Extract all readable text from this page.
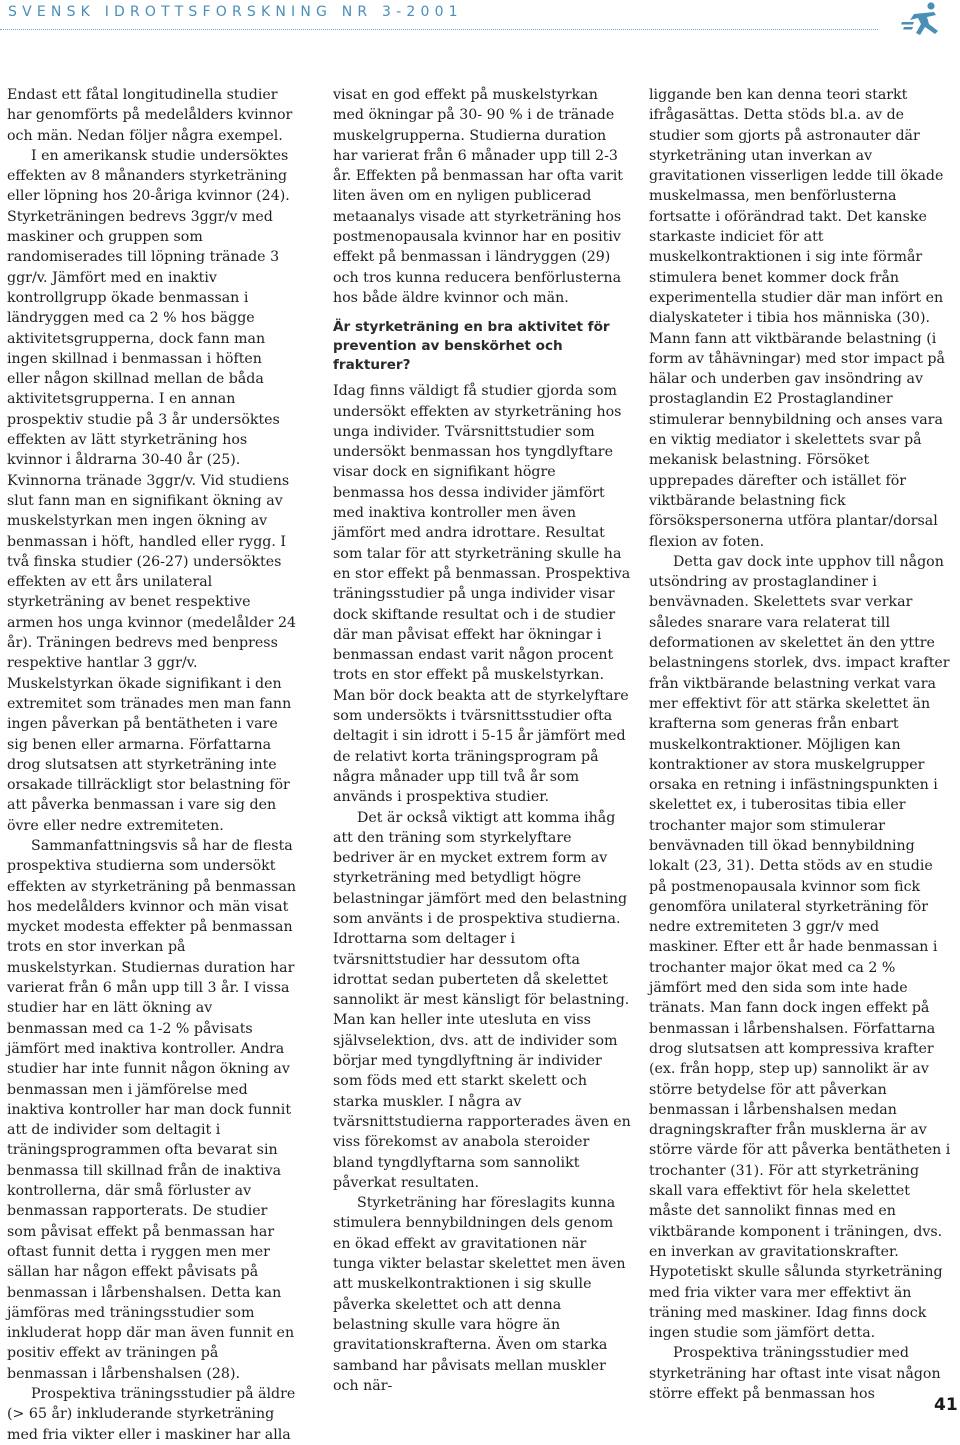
SVENSK IDROTTSFORSKNING NR 3-2001

Endast ett fåtal longitudinella studier har genomförts på medelålders kvinnor och män. Nedan följer några exempel.

I en amerikansk studie undersöktes effekten av 8 månanders styrketräning eller löpning hos 20-åriga kvinnor (24). Styrketräningen bedrevs 3ggr/v med maskiner och gruppen som randomiserades till löpning tränade 3 ggr/v. Jämfört med en inaktiv kontrollgrupp ökade benmassan i ländryggen med ca 2 % hos bägge aktivitetsgrupperna, dock fann man ingen skillnad i benmassan i höften eller någon skillnad mellan de båda aktivitetsgrupperna. I en annan prospektiv studie på 3 år undersöktes effekten av lätt styrketräning hos kvinnor i åldrarna 30-40 år (25). Kvinnorna tränade 3ggr/v. Vid studiens slut fann man en signifikant ökning av muskelstyrkan men ingen ökning av benmassan i höft, handled eller rygg. I två finska studier (26-27) undersöktes effekten av ett års unilateral styrketräning av benet respektive armen hos unga kvinnor (medelålder 24 år). Träningen bedrevs med benpress respektive hantlar 3 ggr/v. Muskelstyrkan ökade signifikant i den extremitet som tränades men man fann ingen påverkan på bentätheten i vare sig benen eller armarna. Författarna drog slutsatsen att styrketräning inte orsakade tillräckligt stor belastning för att påverka benmassan i vare sig den övre eller nedre extremiteten.

Sammanfattningsvis så har de flesta prospektiva studierna som undersökt effekten av styrketräning på benmassan hos medelålders kvinnor och män visat mycket modesta effekter på benmassan trots en stor inverkan på muskelstyrkan. Studiernas duration har varierat från 6 mån upp till 3 år. I vissa studier har en lätt ökning av benmassan med ca 1-2 % påvisats jämfört med inaktiva kontroller. Andra studier har inte funnit någon ökning av benmassan men i jämförelse med inaktiva kontroller har man dock funnit att de individer som deltagit i träningsprogrammen ofta bevarat sin benmassa till skillnad från de inaktiva kontrollerna, där små förluster av benmassan rapporterats. De studier som påvisat effekt på benmassan har oftast funnit detta i ryggen men mer sällan har någon effekt påvisats på benmassan i lårbenshalsen. Detta kan jämföras med träningsstudier som inkluderat hopp där man även funnit en positiv effekt av träningen på benmassan i lårbenshalsen (28).

Prospektiva träningsstudier på äldre (> 65 år) inkluderande styrketräning med fria vikter eller i maskiner har alla

visat en god effekt på muskelstyrkan med ökningar på 30- 90 % i de tränade muskelgrupperna. Studierna duration har varierat från 6 månader upp till 2-3 år. Effekten på benmassan har ofta varit liten även om en nyligen publicerad metaanalys visade att styrketräning hos postmenopausala kvinnor har en positiv effekt på benmassan i ländryggen (29) och tros kunna reducera benförlusterna hos både äldre kvinnor och män.

Är styrketräning en bra aktivitet för prevention av benskörhet och frakturer?

Idag finns väldigt få studier gjorda som undersökt effekten av styrketräning hos unga individer. Tvärsnittstudier som undersökt benmassan hos tyngdlyftare visar dock en signifikant högre benmassa hos dessa individer jämfört med inaktiva kontroller men även jämfört med andra idrottare. Resultat som talar för att styrketräning skulle ha en stor effekt på benmassan. Prospektiva träningsstudier på unga individer visar dock skiftande resultat och i de studier där man påvisat effekt har ökningar i benmassan endast varit någon procent trots en stor effekt på muskelstyrkan. Man bör dock beakta att de styrkelyftare som undersökts i tvärsnittsstudier ofta deltagit i sin idrott i 5-15 år jämfört med de relativt korta träningsprogram på några månader upp till två år som används i prospektiva studier.

Det är också viktigt att komma ihåg att den träning som styrkelyftare bedriver är en mycket extrem form av styrketräning med betydligt högre belastningar jämfört med den belastning som använts i de prospektiva studierna. Idrottarna som deltager i tvärsnittstudier har dessutom ofta idrottat sedan puberteten då skelettet sannolikt är mest känsligt för belastning. Man kan heller inte utesluta en viss självselektion, dvs. att de individer som börjar med tyngdlyftning är individer som föds med ett starkt skelett och starka muskler. I några av tvärsnittstudierna rapporterades även en viss förekomst av anabola steroider bland tyngdlyftarna som sannolikt påverkat resultaten.

Styrketräning har föreslagits kunna stimulera bennybildningen dels genom en ökad effekt av gravitationen när tunga vikter belastar skelettet men även att muskelkontraktionen i sig skulle påverka skelettet och att denna belastning skulle vara högre än gravitationskrafterna. Även om starka samband har påvisats mellan muskler och när-

liggande ben kan denna teori starkt ifrågasättas. Detta stöds bl.a. av de studier som gjorts på astronauter där styrketräning utan inverkan av gravitationen visserligen ledde till ökade muskelmassa, men benförlusterna fortsatte i oförändrad takt. Det kanske starkaste indiciet för att muskelkontraktionen i sig inte förmår stimulera benet kommer dock från experimentella studier där man infört en dialyskateter i tibia hos människa (30). Mann fann att viktbärande belastning (i form av tåhävningar) med stor impact på hälar och underben gav insöndring av prostaglandin E2 Prostaglandiner stimulerar bennybildning och anses vara en viktig mediator i skelettets svar på mekanisk belastning. Försöket upprepades därefter och istället för viktbärande belastning fick försökspersonerna utföra plantar/dorsal flexion av foten.

Detta gav dock inte upphov till någon utsöndring av prostaglandiner i benvävnaden. Skelettets svar verkar således snarare vara relaterat till deformationen av skelettet än den yttre belastningens storlek, dvs. impact krafter från viktbärande belastning verkat vara mer effektivt för att stärka skelettet än krafterna som generas från enbart muskelkontraktioner. Möjligen kan kontraktioner av stora muskelgrupper orsaka en retning i infästningspunkten i skelettet ex, i tuberositas tibia eller trochanter major som stimulerar benvävnaden till ökad bennybildning lokalt (23, 31). Detta stöds av en studie på postmenopausala kvinnor som fick genomföra unilateral styrketräning för nedre extremiteten 3 ggr/v med maskiner. Efter ett år hade benmassan i trochanter major ökat med ca 2 % jämfört med den sida som inte hade tränats. Man fann dock ingen effekt på benmassan i lårbenshalsen. Författarna drog slutsatsen att kompressiva krafter (ex. från hopp, step up) sannolikt är av större betydelse för att påverkan benmassan i lårbenshalsen medan dragningskrafter från musklerna är av större värde för att påverka bentätheten i trochanter (31). För att styrketräning skall vara effektivt för hela skelettet måste det sannolikt finnas med en viktbärande komponent i träningen, dvs. en inverkan av gravitationskrafter. Hypotetiskt skulle sålunda styrketräning med fria vikter vara mer effektivt än träning med maskiner. Idag finns dock ingen studie som jämfört detta.

Prospektiva träningsstudier med styrketräning har oftast inte visat någon större effekt på benmassan hos

41
